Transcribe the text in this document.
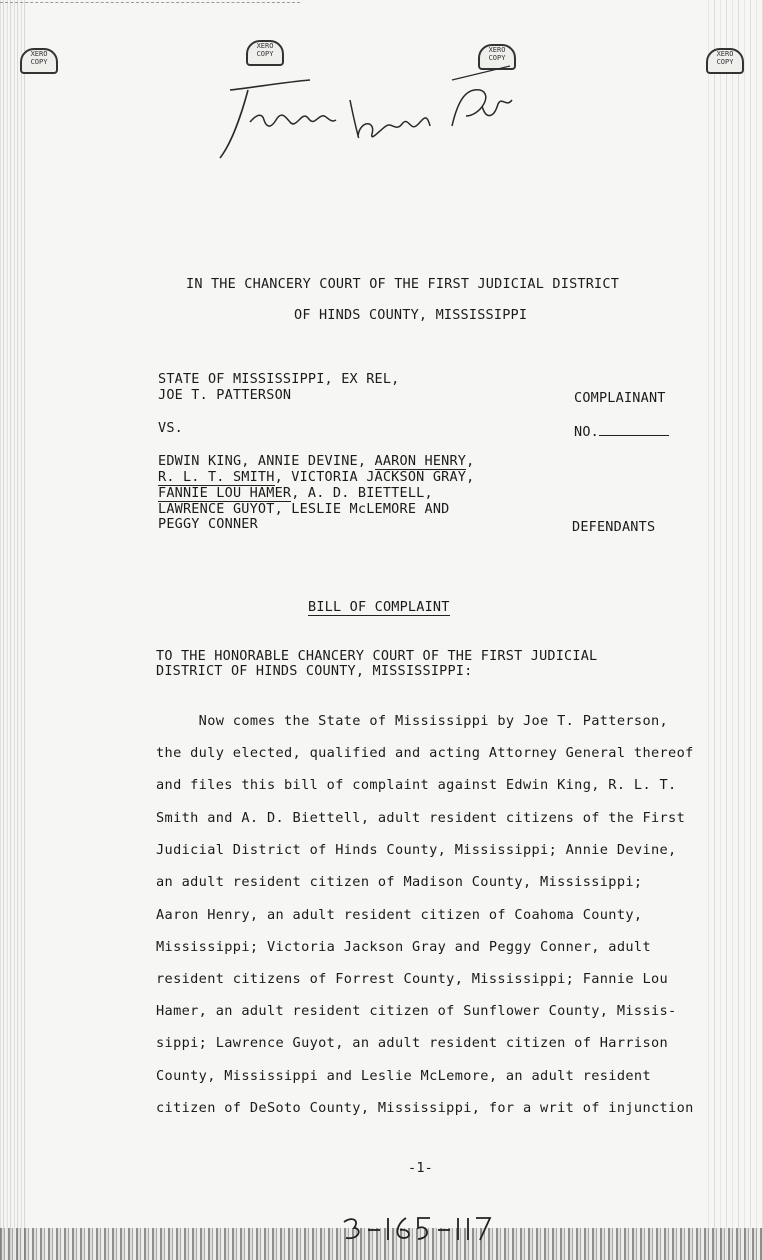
XERO COPY
XERO COPY	XERO COPY	XERO COPY
IN THE CHANCERY COURT OF THE FIRST JUDICIAL DISTRICT
OF HINDS COUNTY, MISSISSIPPI
STATE OF MISSISSIPPI, EX REL,
JOE T. PATTERSON	COMPLAINANT
VS.	NO.
EDWIN KING, ANNIE DEVINE, AARON HENRY,
R. L. T. SMITH, VICTORIA JACKSON GRAY,
FANNIE LOU HAMER, A. D. BIETTELL,
LAWRENCE GUYOT, LESLIE McLEMORE AND
PEGGY CONNER	DEFENDANTS
BILL OF COMPLAINT
TO THE HONORABLE CHANCERY COURT OF THE FIRST JUDICIAL
DISTRICT OF HINDS COUNTY, MISSISSIPPI:
Now comes the State of Mississippi by Joe T. Patterson,
the duly elected, qualified and acting Attorney General thereof
and files this bill of complaint against Edwin King, R. L. T.
Smith and A. D. Biettell, adult resident citizens of the First
Judicial District of Hinds County, Mississippi; Annie Devine,
an adult resident citizen of Madison County, Mississippi;
Aaron Henry, an adult resident citizen of Coahoma County,
Mississippi; Victoria Jackson Gray and Peggy Conner, adult
resident citizens of Forrest County, Mississippi; Fannie Lou
Hamer, an adult resident citizen of Sunflower County, Missis-
sippi; Lawrence Guyot, an adult resident citizen of Harrison
County, Mississippi and Leslie McLemore, an adult resident
citizen of DeSoto County, Mississippi, for a writ of injunction
-1-
